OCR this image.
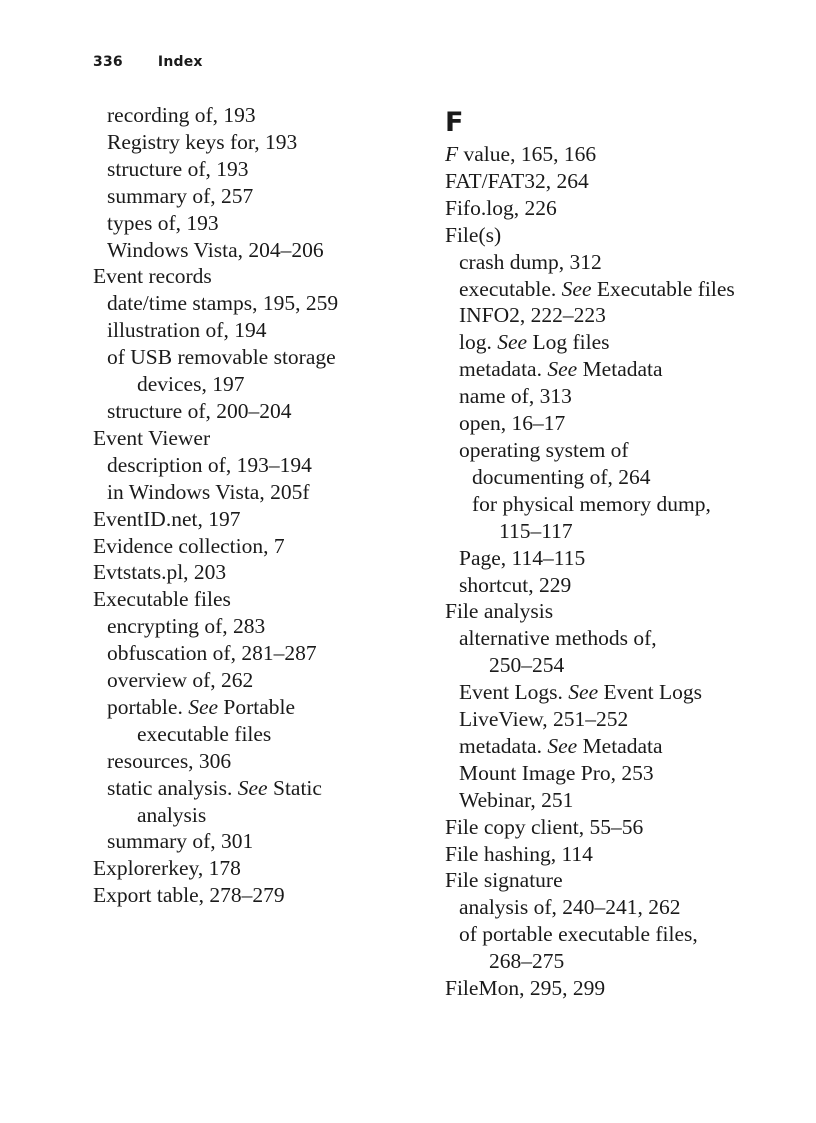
336	Index
recording of, 193
Registry keys for, 193
structure of, 193
summary of, 257
types of, 193
Windows Vista, 204–206
Event records
date/time stamps, 195, 259
illustration of, 194
of USB removable storage
devices, 197
structure of, 200–204
Event Viewer
description of, 193–194
in Windows Vista, 205f
EventID.net, 197
Evidence collection, 7
Evtstats.pl, 203
Executable files
encrypting of, 283
obfuscation of, 281–287
overview of, 262
portable. See Portable
executable files
resources, 306
static analysis. See Static
analysis
summary of, 301
Explorerkey, 178
Export table, 278–279
F
F value, 165, 166
FAT/FAT32, 264
Fifo.log, 226
File(s)
crash dump, 312
executable. See Executable files
INFO2, 222–223
log. See Log files
metadata. See Metadata
name of, 313
open, 16–17
operating system of
documenting of, 264
for physical memory dump,
115–117
Page, 114–115
shortcut, 229
File analysis
alternative methods of,
250–254
Event Logs. See Event Logs
LiveView, 251–252
metadata. See Metadata
Mount Image Pro, 253
Webinar, 251
File copy client, 55–56
File hashing, 114
File signature
analysis of, 240–241, 262
of portable executable files,
268–275
FileMon, 295, 299
